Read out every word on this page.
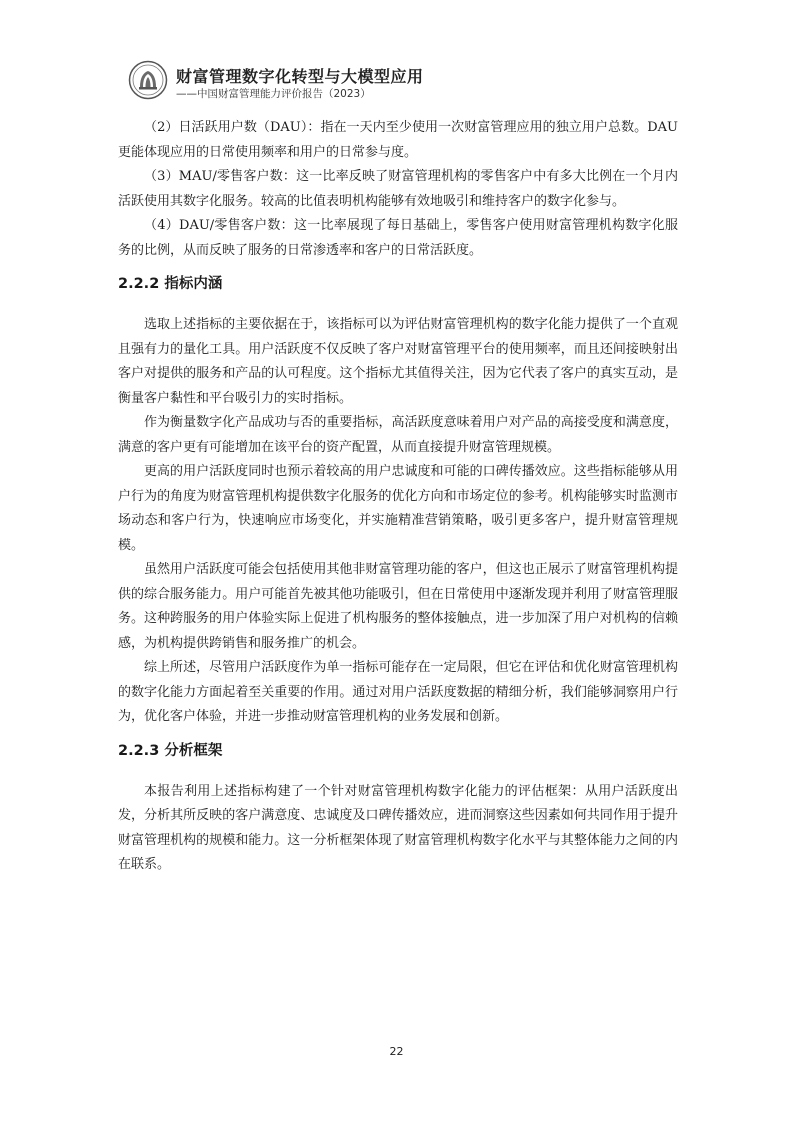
财富管理数字化转型与大模型应用
——中国财富管理能力评价报告（2023）

（2）日活跃用户数（DAU）：指在一天内至少使用一次财富管理应用的独立用户总数。DAU更能体现应用的日常使用频率和用户的日常参与度。

（3）MAU/零售客户数：这一比率反映了财富管理机构的零售客户中有多大比例在一个月内活跃使用其数字化服务。较高的比值表明机构能够有效地吸引和维持客户的数字化参与。

（4）DAU/零售客户数：这一比率展现了每日基础上，零售客户使用财富管理机构数字化服务的比例，从而反映了服务的日常渗透率和客户的日常活跃度。

2.2.2 指标内涵

选取上述指标的主要依据在于，该指标可以为评估财富管理机构的数字化能力提供了一个直观且强有力的量化工具。用户活跃度不仅反映了客户对财富管理平台的使用频率，而且还间接映射出客户对提供的服务和产品的认可程度。这个指标尤其值得关注，因为它代表了客户的真实互动，是衡量客户黏性和平台吸引力的实时指标。

作为衡量数字化产品成功与否的重要指标，高活跃度意味着用户对产品的高接受度和满意度，满意的客户更有可能增加在该平台的资产配置，从而直接提升财富管理规模。

更高的用户活跃度同时也预示着较高的用户忠诚度和可能的口碑传播效应。这些指标能够从用户行为的角度为财富管理机构提供数字化服务的优化方向和市场定位的参考。机构能够实时监测市场动态和客户行为，快速响应市场变化，并实施精准营销策略，吸引更多客户，提升财富管理规模。

虽然用户活跃度可能会包括使用其他非财富管理功能的客户，但这也正展示了财富管理机构提供的综合服务能力。用户可能首先被其他功能吸引，但在日常使用中逐渐发现并利用了财富管理服务。这种跨服务的用户体验实际上促进了机构服务的整体接触点，进一步加深了用户对机构的信赖感，为机构提供跨销售和服务推广的机会。

综上所述，尽管用户活跃度作为单一指标可能存在一定局限，但它在评估和优化财富管理机构的数字化能力方面起着至关重要的作用。通过对用户活跃度数据的精细分析，我们能够洞察用户行为，优化客户体验，并进一步推动财富管理机构的业务发展和创新。

2.2.3 分析框架

本报告利用上述指标构建了一个针对财富管理机构数字化能力的评估框架：从用户活跃度出发，分析其所反映的客户满意度、忠诚度及口碑传播效应，进而洞察这些因素如何共同作用于提升财富管理机构的规模和能力。这一分析框架体现了财富管理机构数字化水平与其整体能力之间的内在联系。

22
